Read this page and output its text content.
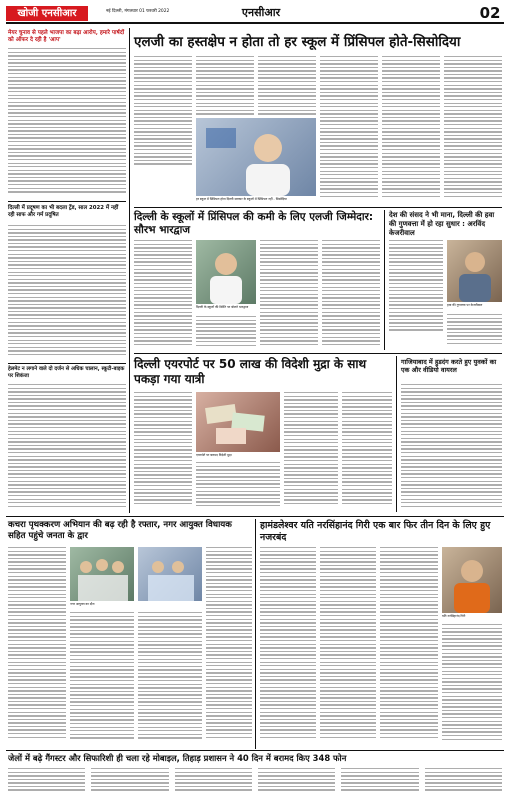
खोजी एनसीआर	नई दिल्ली, मंगलवार 01 फरवरी 2022	एनसीआर	02
मेयर चुनाव से पहले भाजपा का बढ़ा आरोप, हमारे पार्षदों को ऑफर दे रही है 'आप'
दिल्ली में प्रदूषण का भी बदला ट्रेंड, साल 2022 में नहीं रही साफ और गर्म प्रदूषित
हेलमेट न लगाने वाले दो दर्जन से अधिक चालान, स्कूटी-बाइक पर शिकंजा
एलजी का हस्तक्षेप न होता तो हर स्कूल में प्रिंसिपल होते-सिसोदिया
हर स्कूल में प्रिंसिपल होता दिल्ली सरकार के स्कूलों में प्रिंसिपल नहीं - सिसोदिया
दिल्ली के स्कूलों में प्रिंसिपल की कमी के लिए एलजी जिम्मेदार: सौरभ भारद्वाज
दिल्ली के स्कूलों की स्थिति पर बोलते भारद्वाज
देश की संसद ने भी माना, दिल्ली की हवा की गुणवत्ता में हो रहा सुधार : अरविंद केजरीवाल
हवा की गुणवत्ता पर केजरीवाल
दिल्ली एयरपोर्ट पर 50 लाख की विदेशी मुद्रा के साथ पकड़ा गया यात्री
एयरपोर्ट पर बरामद विदेशी मुद्रा
गाजियाबाद में हुडदंग करते हुए युवकों का एक और वीडियो वायरल
कचरा पृथक्करण अभियान की बढ़ रही है रफ्तार, नगर आयुक्त विधायक सहित पहुंचे जनता के द्वार
नगर आयुक्त का दौरा
हामंडलेश्वर यति नरसिंहानंद गिरी एक बार फिर तीन दिन के लिए हुए नजरबंद
यति नरसिंहानंद गिरी
जेलों में बढ़े गैंगस्टर और सिफारिशी ही चला रहे मोबाइल, तिहाड़ प्रशासन ने 40 दिन में बरामद किए 348 फोन
